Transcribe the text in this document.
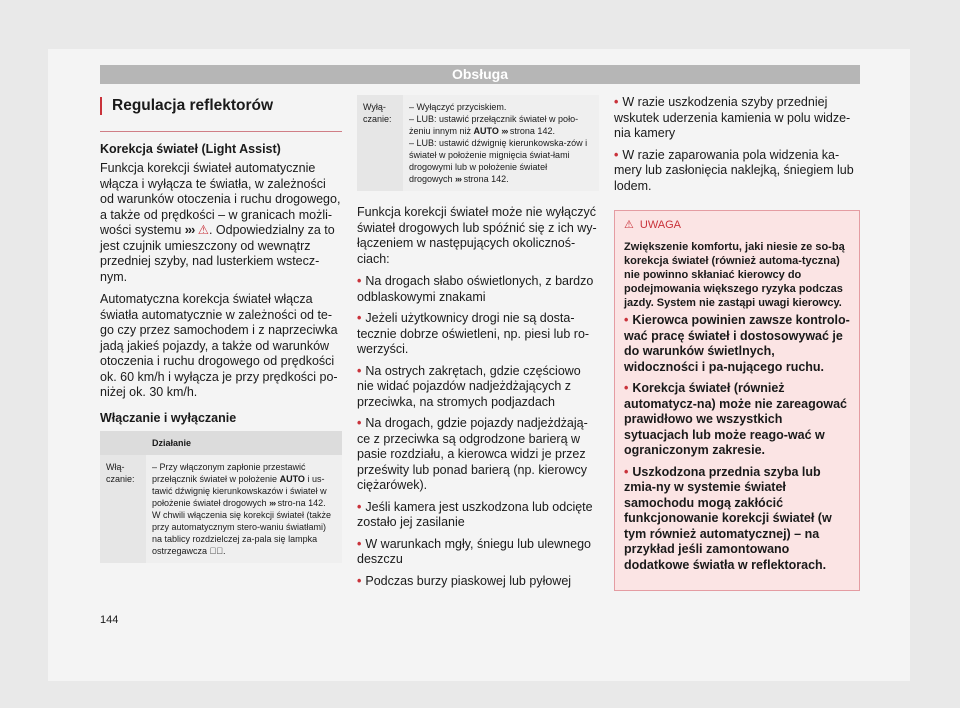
Obsługa
Regulacja reflektorów
Korekcja świateł (Light Assist)

Funkcja korekcji świateł automatycznie włącza i wyłącza te światła, w zależności od warunków otoczenia i ruchu drogowego, a także od prędkości – w granicach możli-wości systemu ››› ⚠. Odpowiedzialny za to jest czujnik umieszczony od wewnątrz przedniej szyby, nad lusterkiem wstecz-nym.

Automatyczna korekcja świateł włącza światła automatycznie w zależności od te-go czy przez samochodem i z naprzeciwka jadą jakieś pojazdy, a także od warunków otoczenia i ruchu drogowego od prędkości ok. 60 km/h i wyłącza je przy prędkości po-niżej ok. 30 km/h.

Włączanie i wyłączanie
	Działanie
Włą-czanie:	– Przy włączonym zapłonie przestawić przełącznik świateł w położenie AUTO i us-tawić dźwignię kierunkowskazów i świateł w położenie świateł drogowych ››› stro-na 142. W chwili włączenia się korekcji świateł (także przy automatycznym stero-waniu światłami) na tablicy rozdzielczej za-pala się lampka ostrzegawcza ≣⃝.
Wyłą-czanie:	
– Wyłączyć przyciskiem.
– LUB: ustawić przełącznik świateł w poło-żeniu innym niż AUTO ››› strona 142.
– LUB: ustawić dźwignię kierunkowska-zów i świateł w położenie mignięcia świat-łami drogowymi lub w położenie świateł drogowych ››› strona 142.

Funkcja korekcji świateł może nie wyłączyć świateł drogowych lub spóźnić się z ich wy-łączeniem w następujących okolicznoś-ciach:

• Na drogach słabo oświetlonych, z bardzo odblaskowymi znakami
• Jeżeli użytkownicy drogi nie są dosta-tecznie dobrze oświetleni, np. piesi lub ro-werzyści.
• Na ostrych zakrętach, gdzie częściowo nie widać pojazdów nadjeżdżających z przeciwka, na stromych podjazdach
• Na drogach, gdzie pojazdy nadjeżdżają-ce z przeciwka są odgrodzone barierą w pasie rozdziału, a kierowca widzi je przez prześwity lub ponad barierą (np. kierowcy ciężarówek).
• Jeśli kamera jest uszkodzona lub odcięte zostało jej zasilanie
• W warunkach mgły, śniegu lub ulewnego deszczu
• Podczas burzy piaskowej lub pyłowej
• W razie uszkodzenia szyby przedniej wskutek uderzenia kamienia w polu widze-nia kamery
• W razie zaparowania pola widzenia ka-mery lub zasłonięcia naklejką, śniegiem lub lodem.
⚠ UWAGA

Zwiększenie komfortu, jaki niesie ze so-bą korekcja świateł (również automa-tyczna) nie powinno skłaniać kierowcy do podejmowania większego ryzyka podczas jazdy. System nie zastąpi uwagi kierowcy.

• Kierowca powinien zawsze kontrolo-wać pracę świateł i dostosowywać je do warunków świetlnych, widoczności i pa-nującego ruchu.
• Korekcja świateł (również automatycz-na) może nie zareagować prawidłowo we wszystkich sytuacjach lub może reago-wać w ograniczonym zakresie.
• Uszkodzona przednia szyba lub zmia-ny w systemie świateł samochodu mogą zakłócić funkcjonowanie korekcji świateł (w tym również automatycznej) – na przykład jeśli zamontowano dodatkowe światła w reflektorach.
144
